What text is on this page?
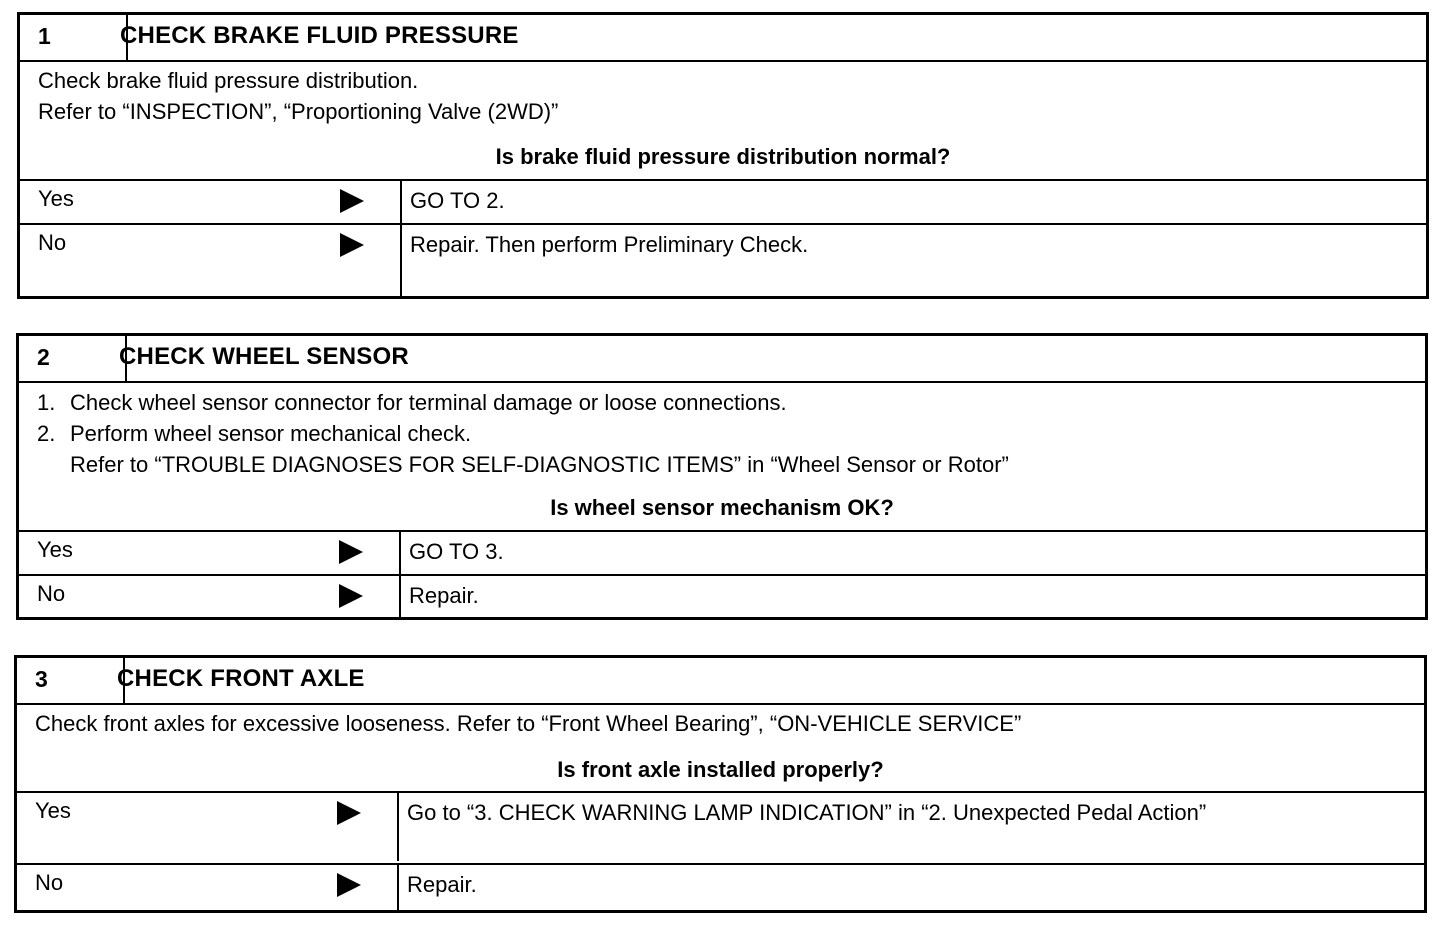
1	CHECK BRAKE FLUID PRESSURE

Check brake fluid pressure distribution.

Refer to “INSPECTION”, “Proportioning Valve (2WD)”

Is brake fluid pressure distribution normal?
Yes	GO TO 2.
No	Repair. Then perform Preliminary Check.
2	CHECK WHEEL SENSOR
1. Check wheel sensor connector for terminal damage or loose connections.
2. Perform wheel sensor mechanical check.
Refer to “TROUBLE DIAGNOSES FOR SELF-DIAGNOSTIC ITEMS” in “Wheel Sensor or Rotor”
Is wheel sensor mechanism OK?
Yes	GO TO 3.
No	Repair.
3	CHECK FRONT AXLE

Check front axles for excessive looseness. Refer to “Front Wheel Bearing”, “ON-VEHICLE SERVICE”

Is front axle installed properly?
Yes	Go to “3. CHECK WARNING LAMP INDICATION” in “2. Unexpected Pedal Action”
No	Repair.
